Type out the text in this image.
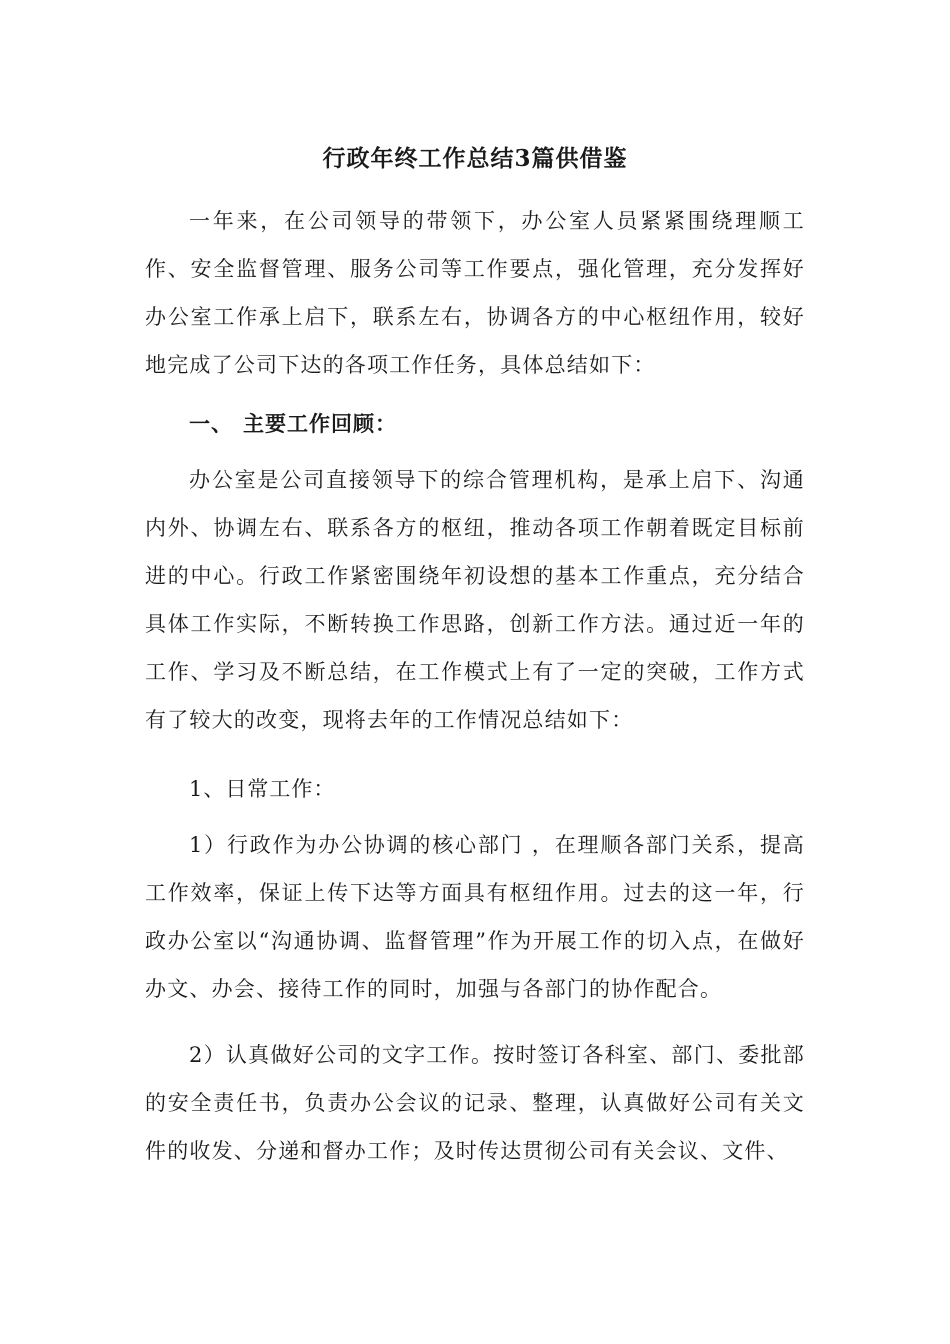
行政年终工作总结3篇供借鉴

一年来，在公司领导的带领下，办公室人员紧紧围绕理顺工作、安全监督管理、服务公司等工作要点，强化管理，充分发挥好办公室工作承上启下，联系左右，协调各方的中心枢纽作用，较好地完成了公司下达的各项工作任务，具体总结如下：

一、 主要工作回顾：

办公室是公司直接领导下的综合管理机构，是承上启下、沟通内外、协调左右、联系各方的枢纽，推动各项工作朝着既定目标前进的中心。行政工作紧密围绕年初设想的基本工作重点，充分结合具体工作实际，不断转换工作思路，创新工作方法。通过近一年的工作、学习及不断总结，在工作模式上有了一定的突破，工作方式有了较大的改变，现将去年的工作情况总结如下：

1、日常工作：

1）行政作为办公协调的核心部门 ，在理顺各部门关系，提高工作效率，保证上传下达等方面具有枢纽作用。过去的这一年，行政办公室以“沟通协调、监督管理”作为开展工作的切入点，在做好办文、办会、接待工作的同时，加强与各部门的协作配合。

2）认真做好公司的文字工作。按时签订各科室、部门、委批部的安全责任书，负责办公会议的记录、整理，认真做好公司有关文件的收发、分递和督办工作；及时传达贯彻公司有关会议、文件、
